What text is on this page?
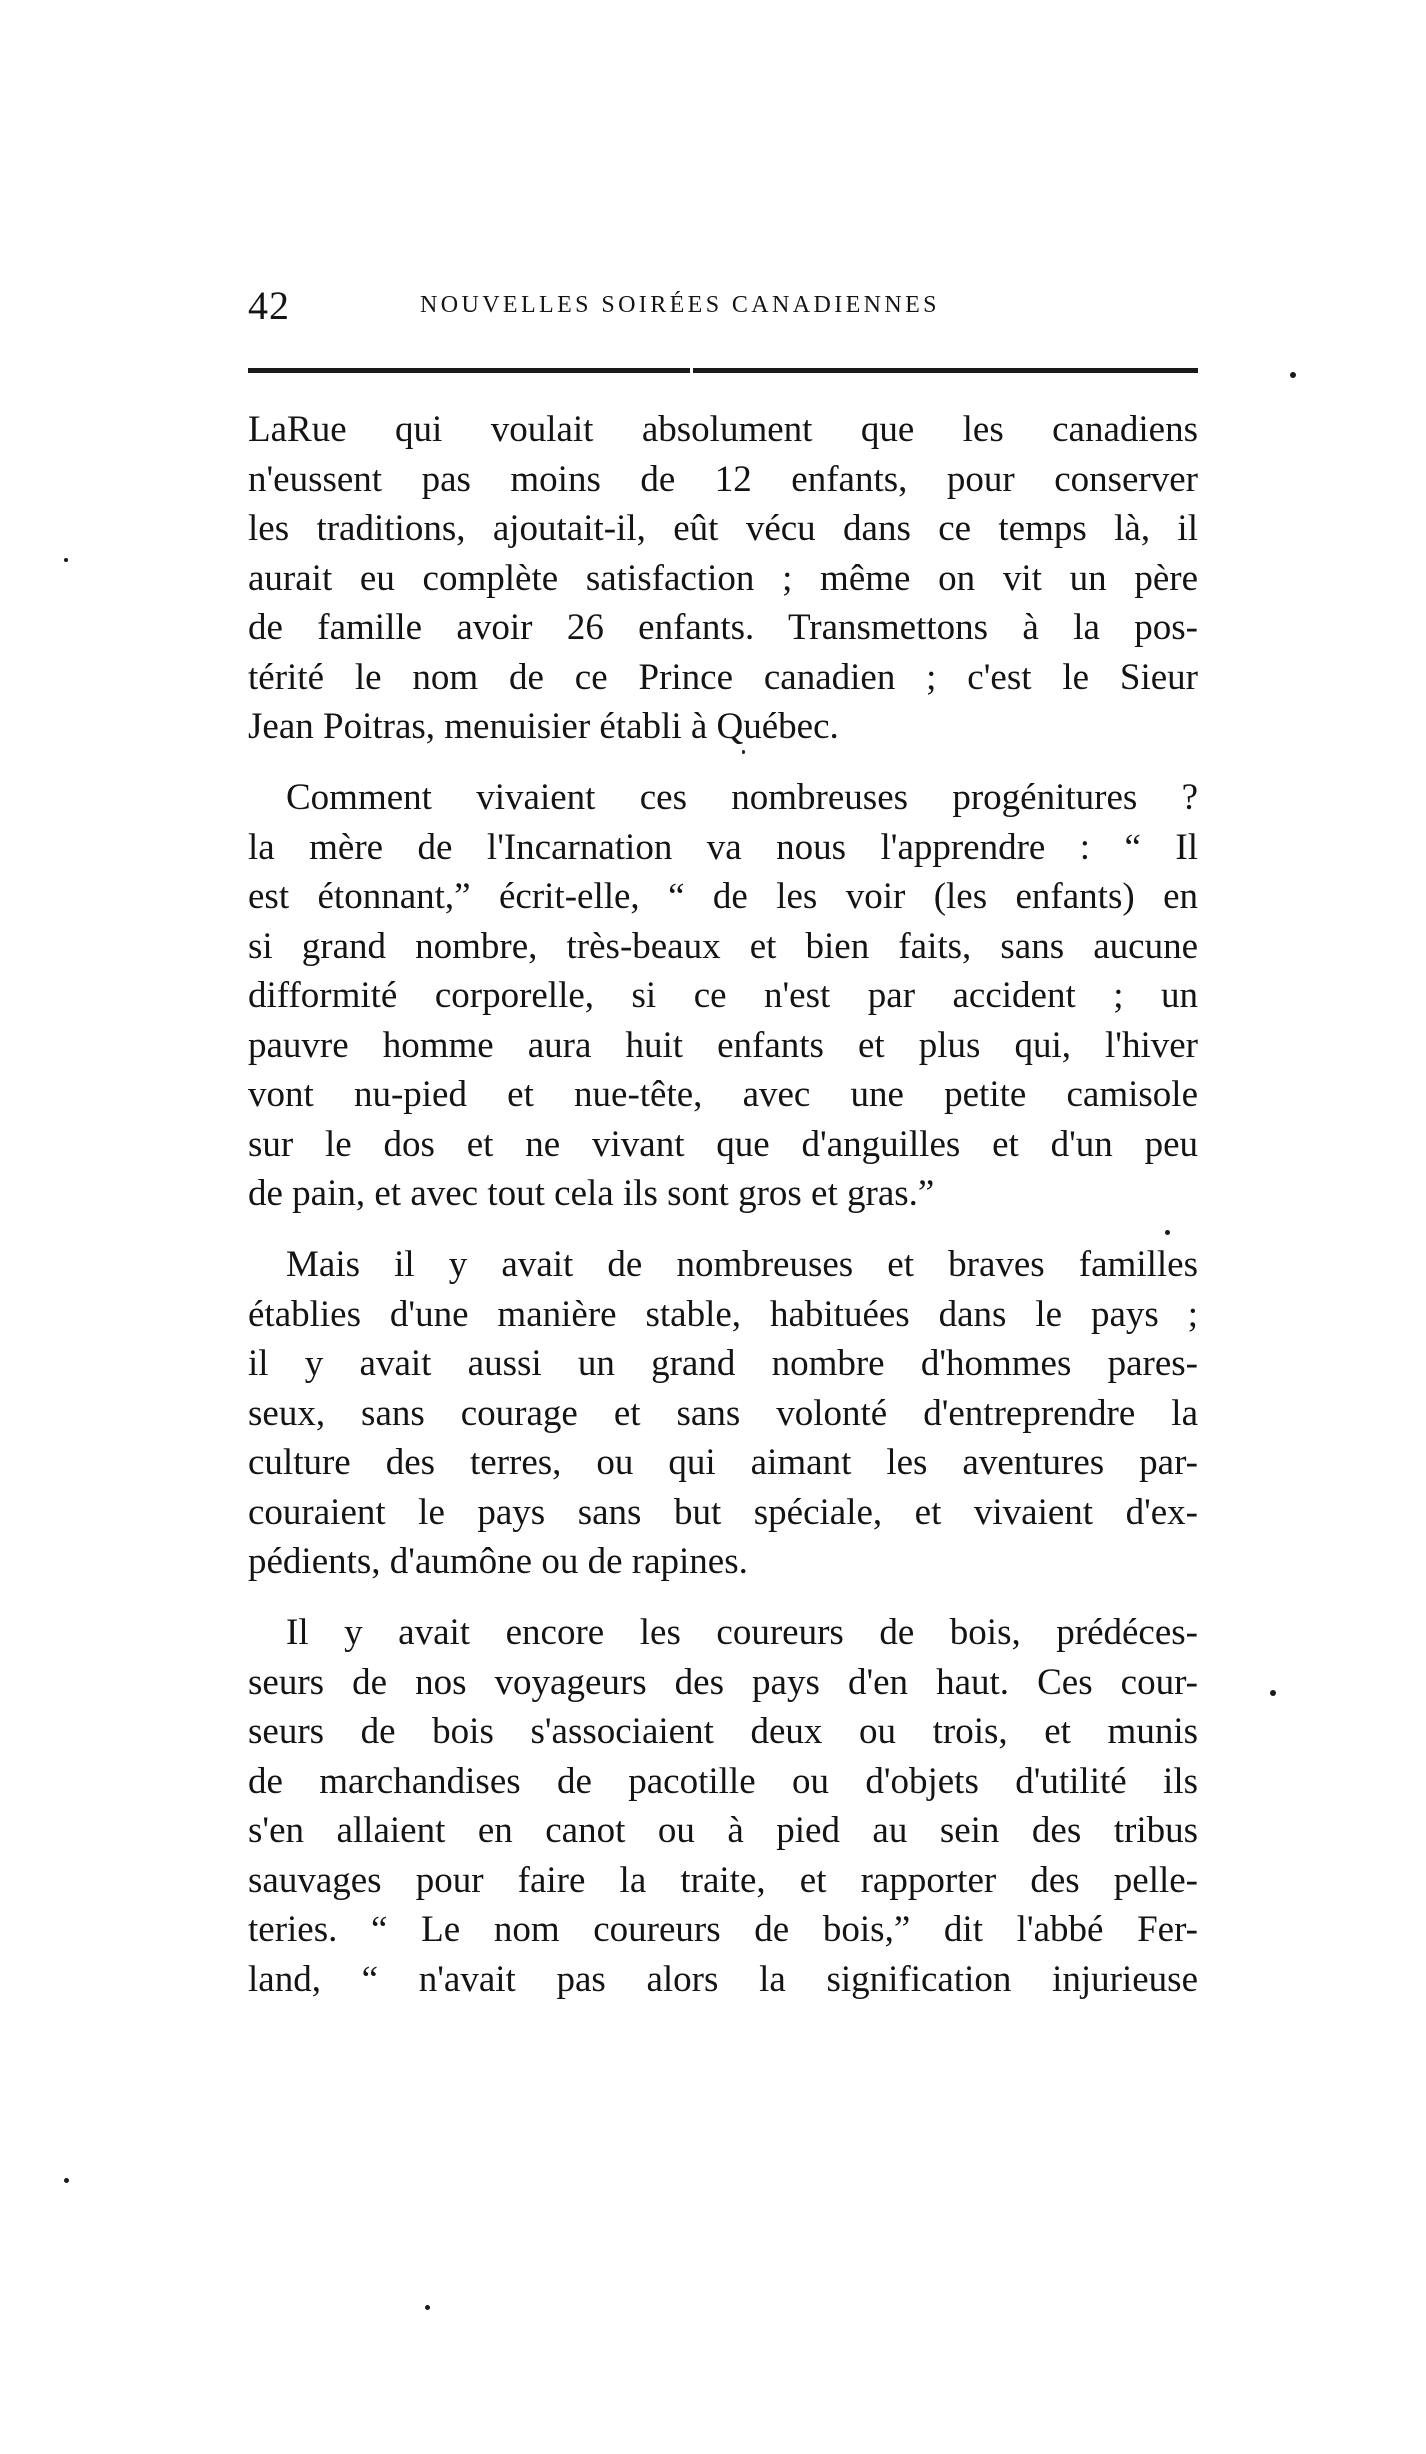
42	NOUVELLES SOIRÉES CANADIENNES
LaRue qui voulait absolument que les canadiens
n'eussent pas moins de 12 enfants, pour conserver
les traditions, ajoutait-il, eût vécu dans ce temps là, il
aurait eu complète satisfaction ; même on vit un père
de famille avoir 26 enfants. Transmettons à la pos-
térité le nom de ce Prince canadien ; c'est le Sieur
Jean Poitras, menuisier établi à Québec.
Comment vivaient ces nombreuses progénitures ?
la mère de l'Incarnation va nous l'apprendre : “ Il
est étonnant,” écrit-elle, “ de les voir (les enfants) en
si grand nombre, très-beaux et bien faits, sans aucune
difformité corporelle, si ce n'est par accident ; un
pauvre homme aura huit enfants et plus qui, l'hiver
vont nu-pied et nue-tête, avec une petite camisole
sur le dos et ne vivant que d'anguilles et d'un peu
de pain, et avec tout cela ils sont gros et gras.”
Mais il y avait de nombreuses et braves familles
établies d'une manière stable, habituées dans le pays ;
il y avait aussi un grand nombre d'hommes pares-
seux, sans courage et sans volonté d'entreprendre la
culture des terres, ou qui aimant les aventures par-
couraient le pays sans but spéciale, et vivaient d'ex-
pédients, d'aumône ou de rapines.
Il y avait encore les coureurs de bois, prédéces-
seurs de nos voyageurs des pays d'en haut. Ces cour-
seurs de bois s'associaient deux ou trois, et munis
de marchandises de pacotille ou d'objets d'utilité ils
s'en allaient en canot ou à pied au sein des tribus
sauvages pour faire la traite, et rapporter des pelle-
teries. “ Le nom coureurs de bois,” dit l'abbé Fer-
land, “ n'avait pas alors la signification injurieuse
